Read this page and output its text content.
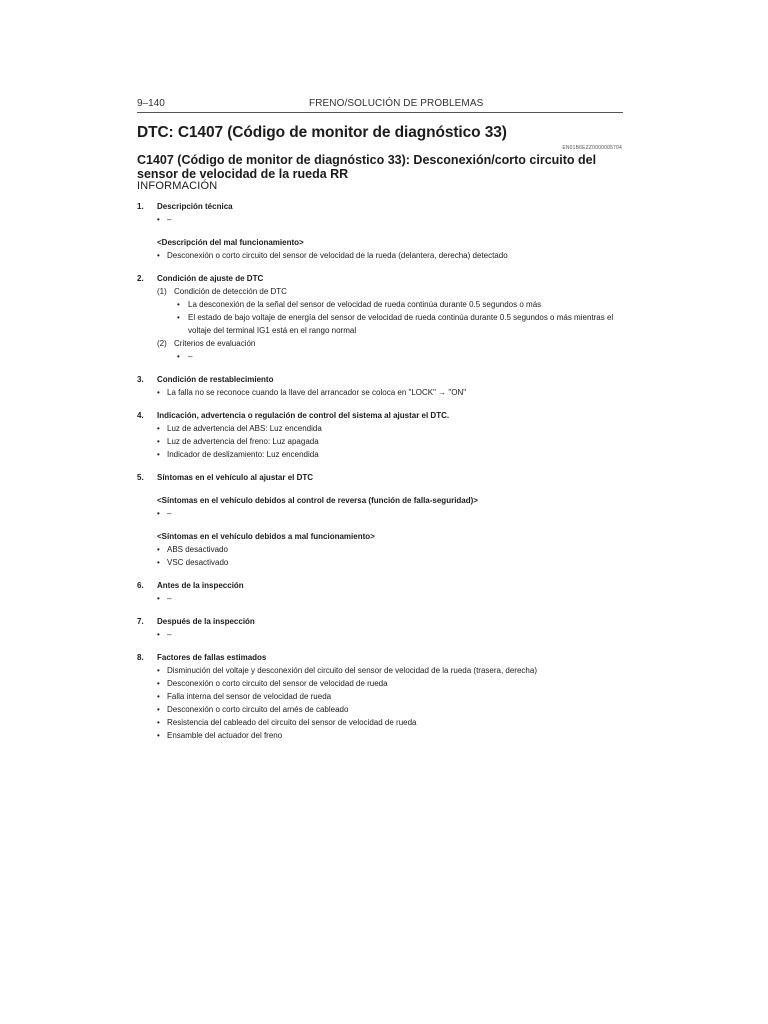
9–140	FRENO/SOLUCIÓN DE PROBLEMAS
DTC: C1407 (Código de monitor de diagnóstico 33)
EN01B6EZZ0000005704
C1407 (Código de monitor de diagnóstico 33): Desconexión/corto circuito del sensor de velocidad de la rueda RR
INFORMACIÓN
1.	Descripción técnica
• –
<Descripción del mal funcionamiento>
• Desconexión o corto circuito del sensor de velocidad de la rueda (delantera, derecha) detectado
2.	Condición de ajuste de DTC
(1) Condición de detección de DTC
• La desconexión de la señal del sensor de velocidad de rueda continúa durante 0.5 segundos o más
• El estado de bajo voltaje de energía del sensor de velocidad de rueda continúa durante 0.5 segundos o más mientras el voltaje del terminal IG1 está en el rango normal
(2) Criterios de evaluación
• –
3.	Condición de restablecimiento
• La falla no se reconoce cuando la llave del arrancador se coloca en "LOCK" → "ON"
4.	Indicación, advertencia o regulación de control del sistema al ajustar el DTC.
• Luz de advertencia del ABS: Luz encendida
• Luz de advertencia del freno: Luz apagada
• Indicador de deslizamiento: Luz encendida
5.	Síntomas en el vehículo al ajustar el DTC
<Síntomas en el vehículo debidos al control de reversa (función de falla-seguridad)>
• –
<Síntomas en el vehículo debidos a mal funcionamiento>
• ABS desactivado
• VSC desactivado
6.	Antes de la inspección
• –
7.	Después de la inspección
• –
8.	Factores de fallas estimados
• Disminución del voltaje y desconexión del circuito del sensor de velocidad de la rueda (trasera, derecha)
• Desconexión o corto circuito del sensor de velocidad de rueda
• Falla interna del sensor de velocidad de rueda
• Desconexión o corto circuito del arnés de cableado
• Resistencia del cableado del circuito del sensor de velocidad de rueda
• Ensamble del actuador del freno
